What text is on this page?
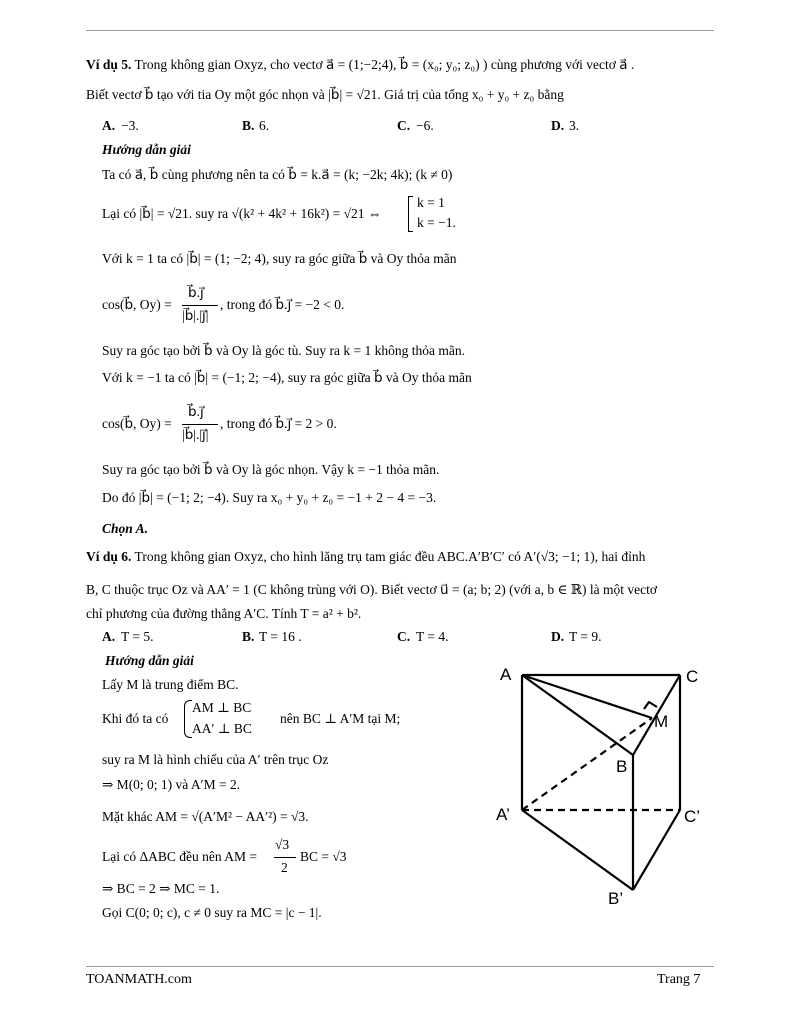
Ví dụ 5. Trong không gian Oxyz, cho vectơ a⃗ = (1;−2;4), b⃗ = (x₀; y₀; z₀) ) cùng phương với vectơ a⃗ .
Biết vectơ b⃗ tạo với tia Oy một góc nhọn và |b⃗| = √21. Giá trị của tổng x₀ + y₀ + z₀ bằng
A. −3.	B. 6.	C. −6.	D. 3.
Hướng dẫn giải
Ta có a⃗, b⃗ cùng phương nên ta có b⃗ = k.a⃗ = (k; −2k; 4k); (k ≠ 0)
Lại có |b⃗| = √21. suy ra √(k² + 4k² + 16k²) = √21 ⇔
k = 1
k = −1.
Với k = 1 ta có |b⃗| = (1; −2; 4), suy ra góc giữa b⃗ và Oy thỏa mãn
cos(b⃗, Oy) =
b⃗.j⃗
|b⃗|.|j⃗|
, trong đó b⃗.j⃗ = −2 < 0.
Suy ra góc tạo bởi b⃗ và Oy là góc tù. Suy ra k = 1 không thỏa mãn.
Với k = −1 ta có |b⃗| = (−1; 2; −4), suy ra góc giữa b⃗ và Oy thỏa mãn
cos(b⃗, Oy) =
b⃗.j⃗
|b⃗|.|j⃗|
, trong đó b⃗.j⃗ = 2 > 0.
Suy ra góc tạo bởi b⃗ và Oy là góc nhọn. Vậy k = −1 thỏa mãn.
Do đó |b⃗| = (−1; 2; −4). Suy ra x₀ + y₀ + z₀ = −1 + 2 − 4 = −3.
Chọn A.
Ví dụ 6. Trong không gian Oxyz, cho hình lăng trụ tam giác đều ABC.A′B′C′ có A′(√3; −1; 1), hai đỉnh
B, C thuộc trục Oz và AA′ = 1 (C không trùng với O). Biết vectơ u⃗ = (a; b; 2) (với a, b ∈ ℝ) là một vectơ
chỉ phương của đường thẳng A′C. Tính T = a² + b².
A. T = 5.	B. T = 16 .	C. T = 4.	D. T = 9.
Hướng dẫn giải
Lấy M là trung điểm BC.
Khi đó ta có
AM ⊥ BC
AA′ ⊥ BC
nên BC ⊥ A′M tại M;
suy ra M là hình chiếu của A′ trên trục Oz
⇒ M(0; 0; 1) và A′M = 2.
Mặt khác AM = √(A′M² − AA′²) = √3.
Lại có ΔABC đều nên AM =
√3
2
BC = √3
⇒ BC = 2 ⇒ MC = 1.
Gọi C(0; 0; c), c ≠ 0 suy ra MC = |c − 1|.
A	C
M
B
A’	C’
B’
TOANMATH.com	Trang 7
